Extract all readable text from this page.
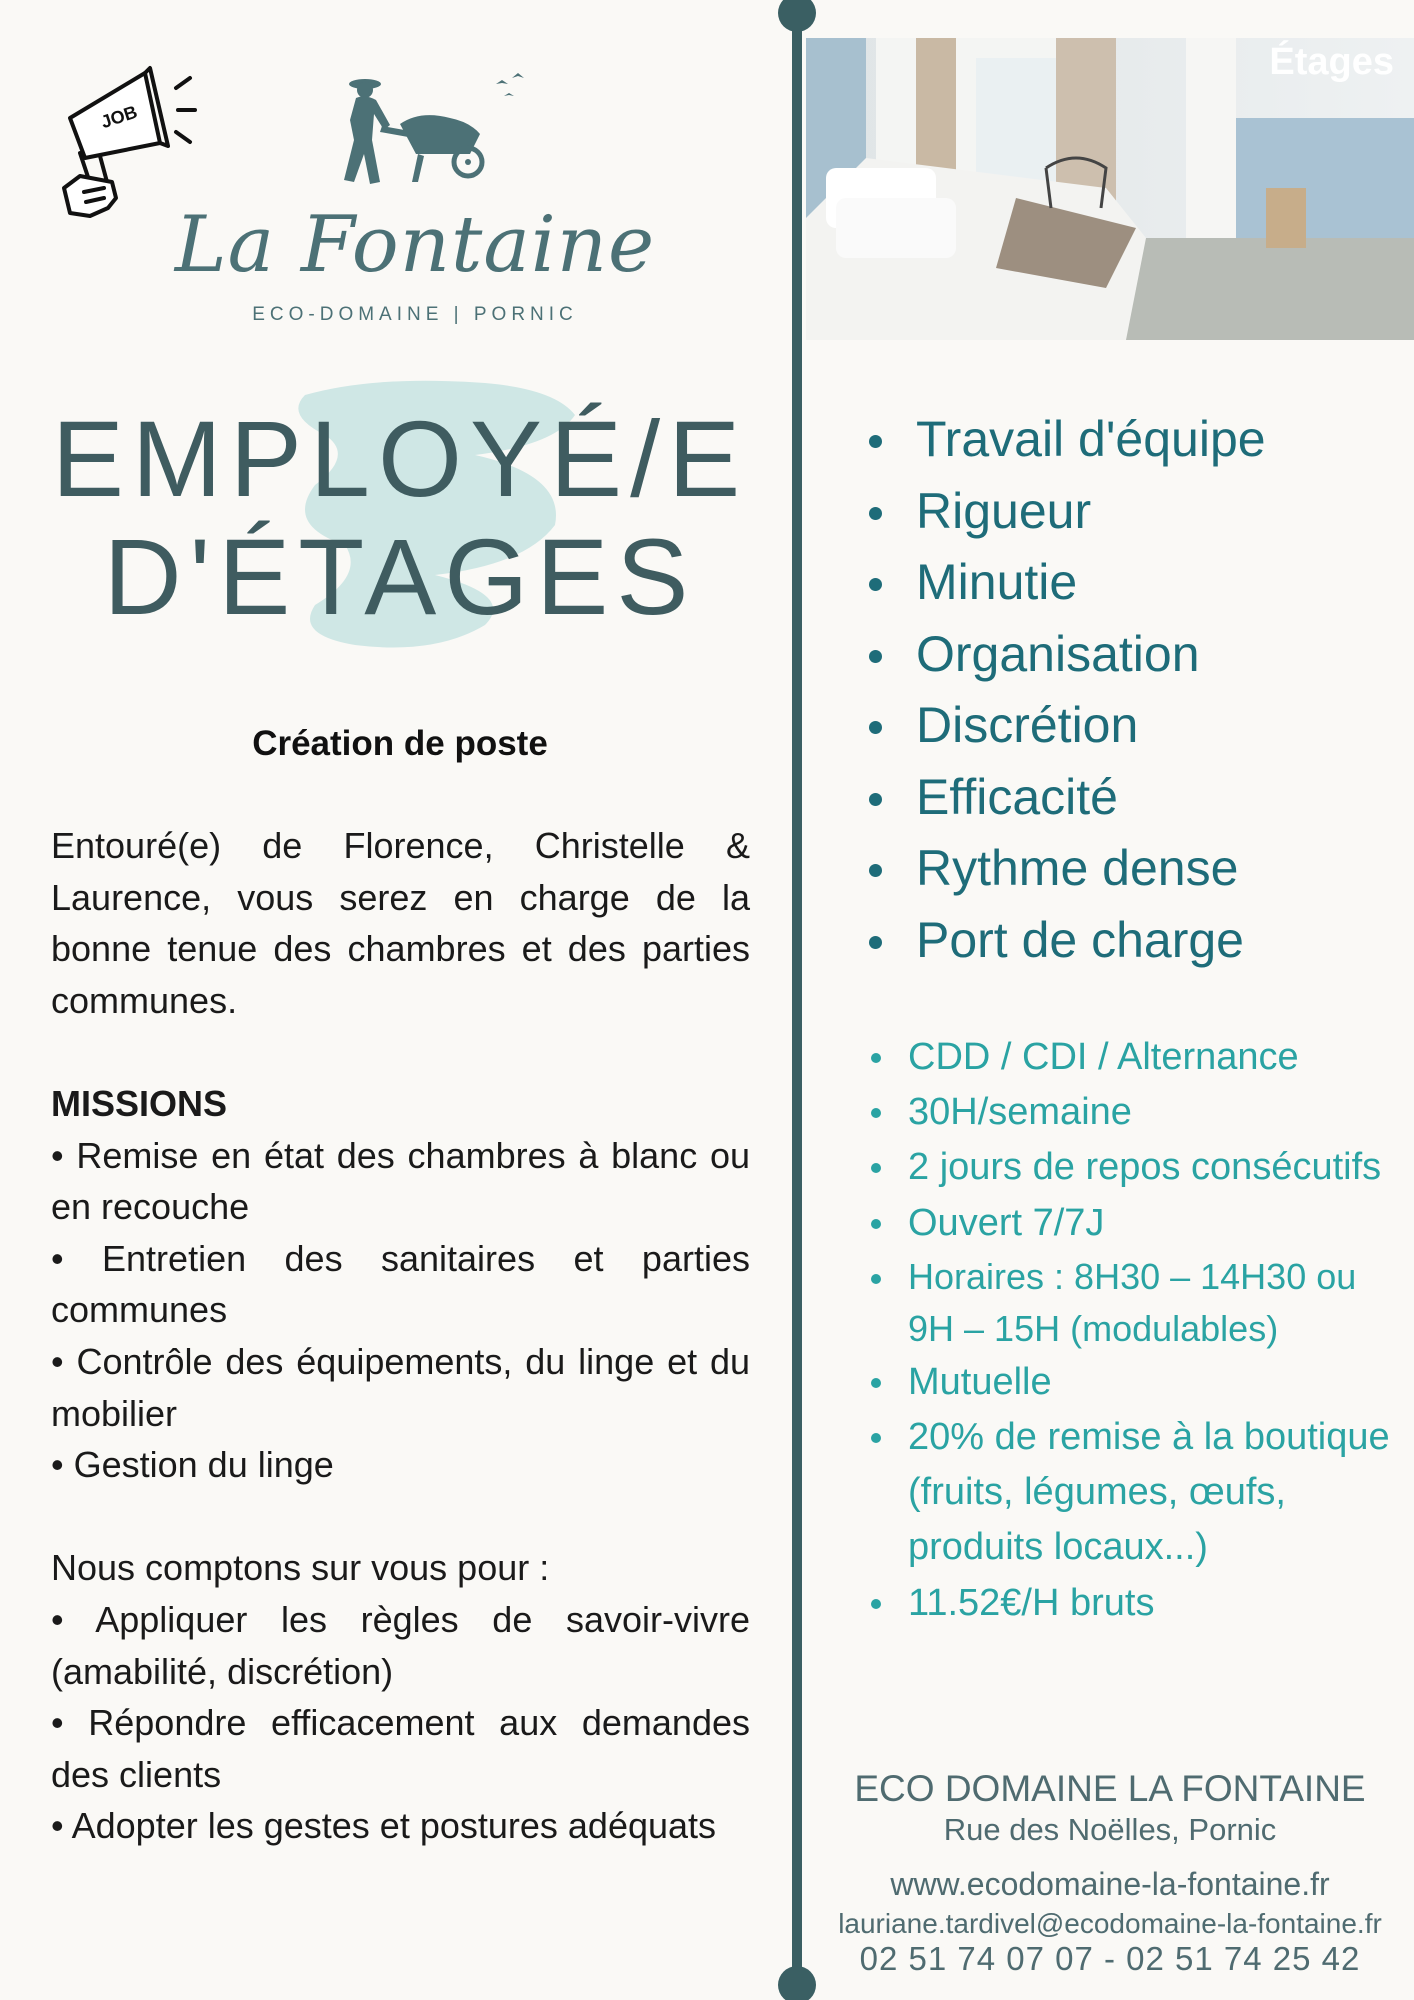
JOB
La Fontaine
ECO-DOMAINE | PORNIC
EMPLOYÉ/E
D'ÉTAGES
Création de poste

Entouré(e) de Florence, Christelle & Laurence, vous serez en charge de la bonne tenue des chambres et des parties communes.

MISSIONS

• Remise en état des chambres à blanc ou en recouche

• Entretien des sanitaires et parties communes

• Contrôle des équipements, du linge et du mobilier

• Gestion du linge

Nous comptons sur vous pour :

• Appliquer les règles de savoir-vivre (amabilité, discrétion)

• Répondre efficacement aux demandes des clients

• Adopter les gestes et postures adéquats

Étages
Travail d'équipe
Rigueur
Minutie
Organisation
Discrétion
Efficacité
Rythme dense
Port de charge
CDD / CDI / Alternance
30H/semaine
2 jours de repos consécutifs
Ouvert 7/7J
Horaires : 8H30 – 14H30 ou 9H – 15H (modulables)
Mutuelle
20% de remise à la boutique (fruits, légumes, œufs, produits locaux...)
11.52€/H bruts
ECO DOMAINE LA FONTAINE
Rue des Noëlles, Pornic
www.ecodomaine-la-fontaine.fr
lauriane.tardivel@ecodomaine-la-fontaine.fr
02 51 74 07 07 - 02 51 74 25 42
